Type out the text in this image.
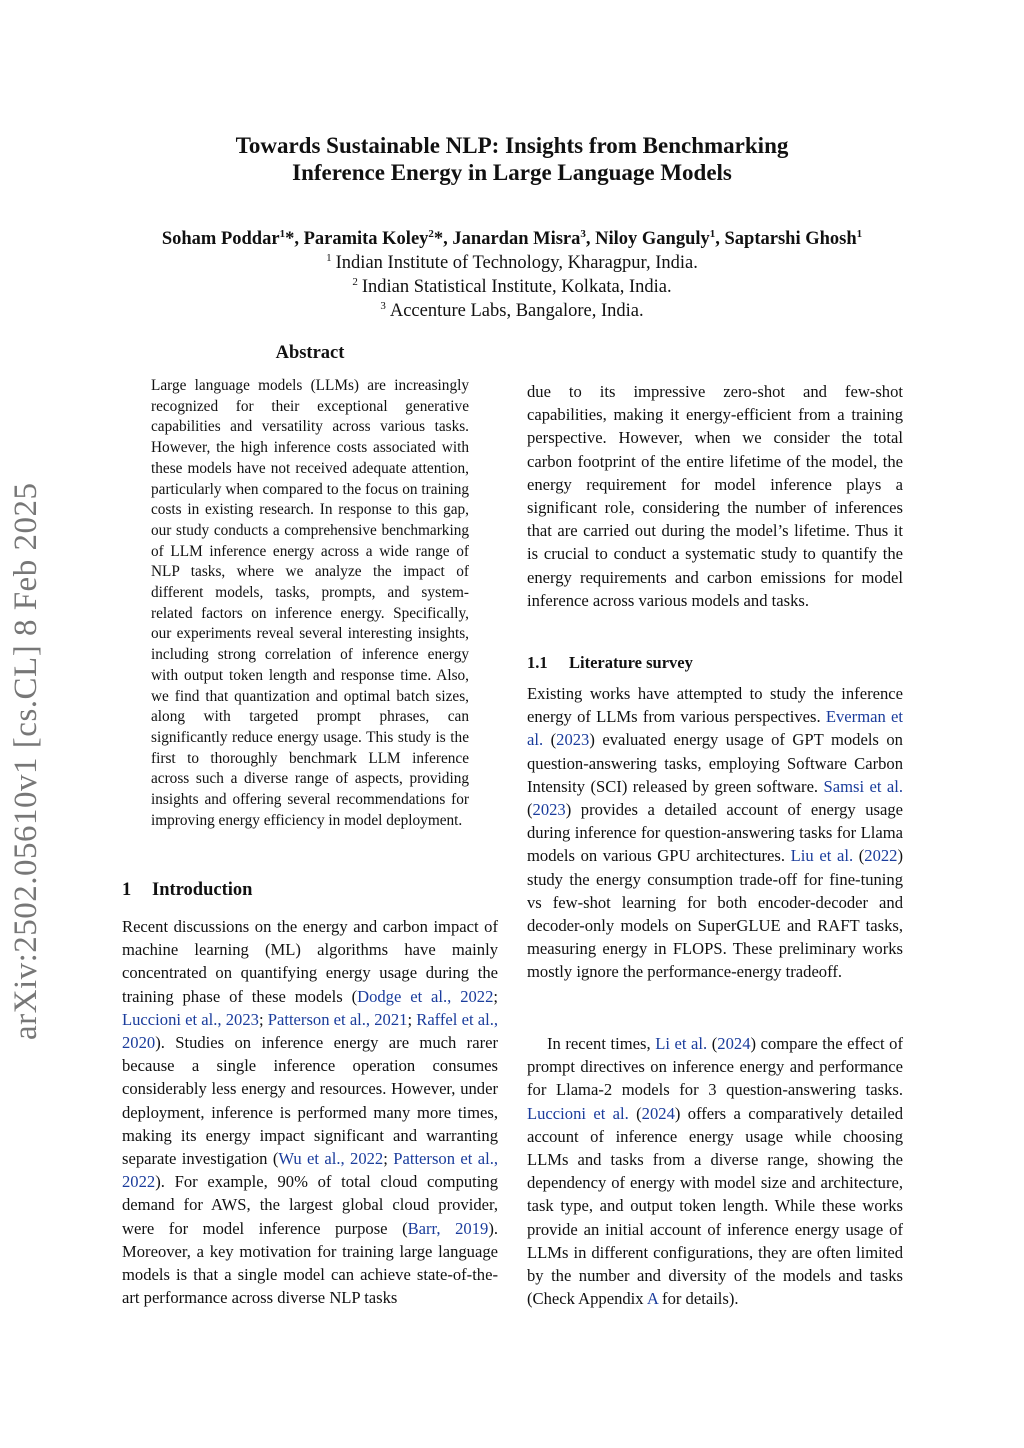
arXiv:2502.05610v1 [cs.CL] 8 Feb 2025
Towards Sustainable NLP: Insights from Benchmarking
Inference Energy in Large Language Models
Soham Poddar$^1$*, Paramita Koley$^2$*, Janardan Misra$^3$, Niloy Ganguly$^1$, Saptarshi Ghosh$^1$
$^1$ Indian Institute of Technology, Kharagpur, India.
$^2$ Indian Statistical Institute, Kolkata, India.
$^3$ Accenture Labs, Bangalore, India.
Abstract
Large language models (LLMs) are increasingly recognized for their exceptional generative capabilities and versatility across various tasks. However, the high inference costs associated with these models have not received adequate attention, particularly when compared to the focus on training costs in existing research. In response to this gap, our study conducts a comprehensive benchmarking of LLM inference energy across a wide range of NLP tasks, where we analyze the impact of different models, tasks, prompts, and system-related factors on inference energy. Specifically, our experiments reveal several interesting insights, including strong correlation of inference energy with output token length and response time. Also, we find that quantization and optimal batch sizes, along with targeted prompt phrases, can significantly reduce energy usage. This study is the first to thoroughly benchmark LLM inference across such a diverse range of aspects, providing insights and offering several recommendations for improving energy efficiency in model deployment.
1 Introduction
Recent discussions on the energy and carbon impact of machine learning (ML) algorithms have mainly concentrated on quantifying energy usage during the training phase of these models (Dodge et al., 2022; Luccioni et al., 2023; Patterson et al., 2021; Raffel et al., 2020). Studies on inference energy are much rarer because a single inference operation consumes considerably less energy and resources. However, under deployment, inference is performed many more times, making its energy impact significant and warranting separate investigation (Wu et al., 2022; Patterson et al., 2022). For example, 90% of total cloud computing demand for AWS, the largest global cloud provider, were for model inference purpose (Barr, 2019). Moreover, a key motivation for training large language models is that a single model can achieve state-of-the-art performance across diverse NLP tasks
due to its impressive zero-shot and few-shot capabilities, making it energy-efficient from a training perspective. However, when we consider the total carbon footprint of the entire lifetime of the model, the energy requirement for model inference plays a significant role, considering the number of inferences that are carried out during the model’s lifetime. Thus it is crucial to conduct a systematic study to quantify the energy requirements and carbon emissions for model inference across various models and tasks.
1.1 Literature survey
Existing works have attempted to study the inference energy of LLMs from various perspectives. Everman et al. (2023) evaluated energy usage of GPT models on question-answering tasks, employing Software Carbon Intensity (SCI) released by green software. Samsi et al. (2023) provides a detailed account of energy usage during inference for question-answering tasks for Llama models on various GPU architectures. Liu et al. (2022) study the energy consumption trade-off for fine-tuning vs few-shot learning for both encoder-decoder and decoder-only models on SuperGLUE and RAFT tasks, measuring energy in FLOPS. These preliminary works mostly ignore the performance-energy tradeoff.
In recent times, Li et al. (2024) compare the effect of prompt directives on inference energy and performance for Llama-2 models for 3 question-answering tasks. Luccioni et al. (2024) offers a comparatively detailed account of inference energy usage while choosing LLMs and tasks from a diverse range, showing the dependency of energy with model size and architecture, task type, and output token length. While these works provide an initial account of inference energy usage of LLMs in different configurations, they are often limited by the number and diversity of the models and tasks (Check Appendix A for details).
